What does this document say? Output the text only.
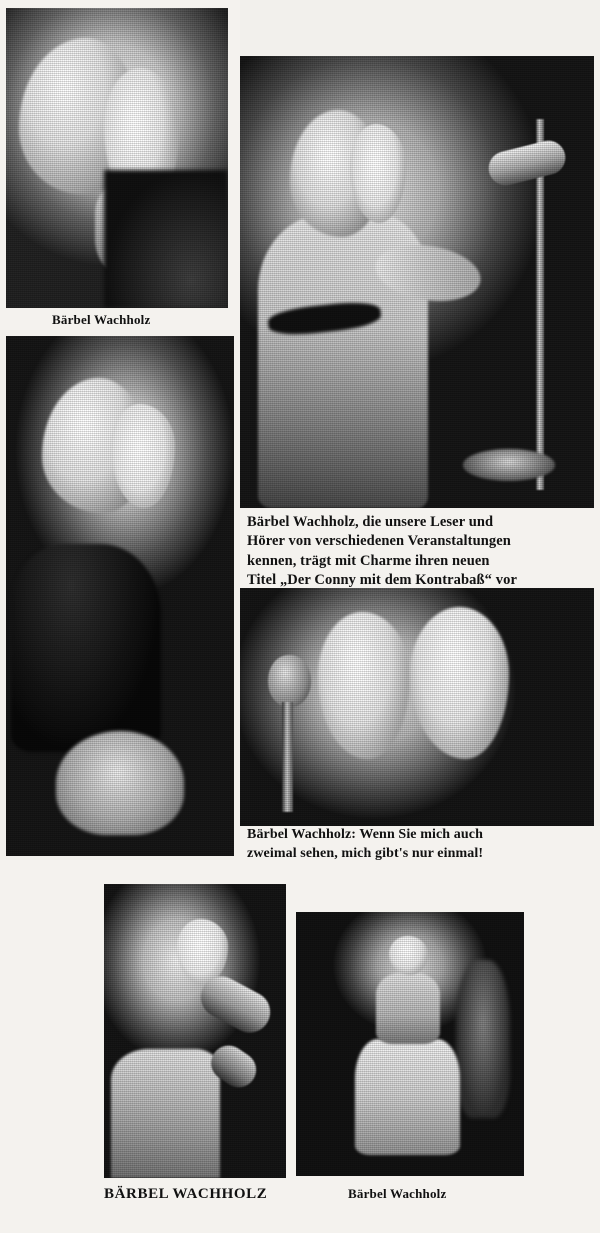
Bärbel Wachholz
Bärbel Wachholz, die unsere Leser und
Hörer von verschiedenen Veranstaltungen
kennen, trägt mit Charme ihren neuen
Titel „Der Conny mit dem Kontrabaß“ vor
Bärbel Wachholz: Wenn Sie mich auch
zweimal sehen, mich gibt's nur einmal!
BÄRBEL WACHHOLZ	Bärbel Wachholz
